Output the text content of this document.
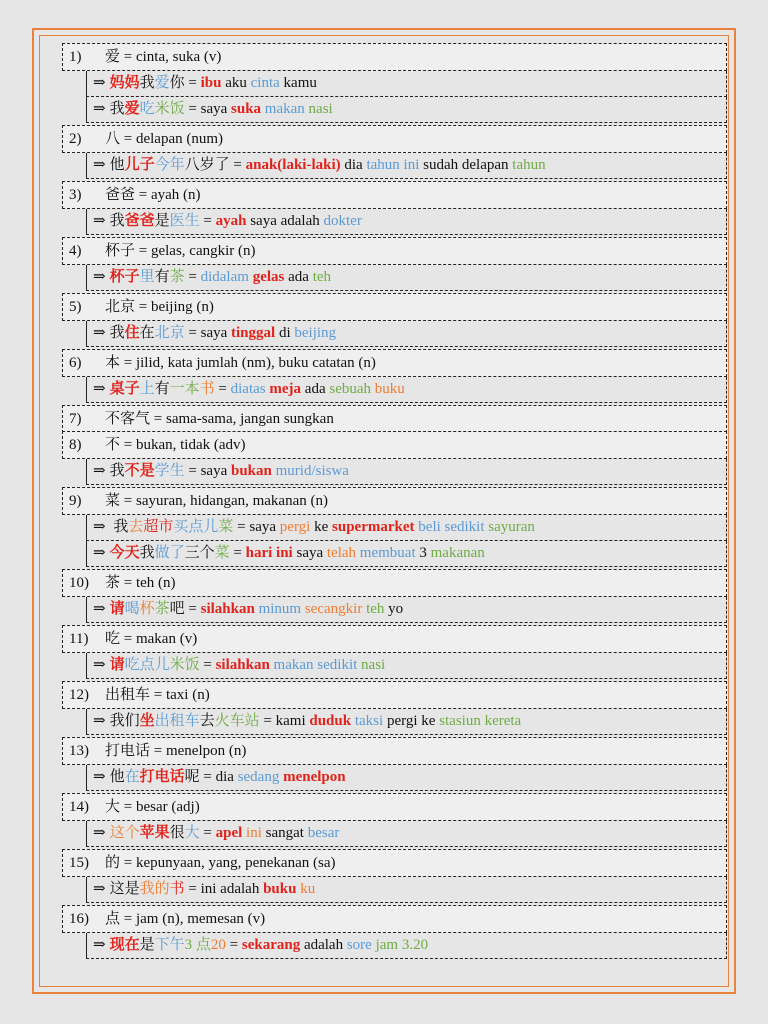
1)	爱 = cinta, suka (v)
⇒ 妈妈我爱你 = ibu aku cinta kamu
⇒ 我爱吃米饭 = saya suka makan nasi
2)	八 = delapan (num)
⇒ 他儿子今年八岁了 = anak(laki-laki) dia tahun ini sudah delapan tahun
3)	爸爸 = ayah (n)
⇒ 我爸爸是医生 = ayah saya adalah dokter
4)	杯子 = gelas, cangkir (n)
⇒ 杯子里有茶 = didalam gelas ada teh
5)	北京 = beijing (n)
⇒ 我住在北京 = saya tinggal di beijing
6)	本 = jilid, kata jumlah (nm), buku catatan (n)
⇒ 桌子上有一本书 = diatas meja ada sebuah buku
7)	不客气 = sama-sama, jangan sungkan
8)	不 = bukan, tidak (adv)
⇒ 我不是学生 = saya bukan murid/siswa
9)	菜 = sayuran, hidangan, makanan (n)
⇒ 我去超市买点儿菜 = saya pergi ke supermarket beli sedikit sayuran
⇒ 今天我做了三个菜 = hari ini saya telah membuat 3 makanan
10)	茶 = teh (n)
⇒ 请喝杯茶吧 = silahkan minum secangkir teh yo
11)	吃 = makan (v)
⇒ 请吃点儿米饭 = silahkan makan sedikit nasi
12)	出租车 = taxi (n)
⇒ 我们坐出租车去火车站 = kami duduk taksi pergi ke stasiun kereta
13)	打电话 = menelpon (n)
⇒ 他在打电话呢 = dia sedang menelpon
14)	大 = besar (adj)
⇒ 这个苹果很大 = apel ini sangat besar
15)	的 = kepunyaan, yang, penekanan (sa)
⇒ 这是我的书 = ini adalah buku ku
16)	点 = jam (n), memesan (v)
⇒ 现在是下午3 点20 = sekarang adalah sore jam 3.20
